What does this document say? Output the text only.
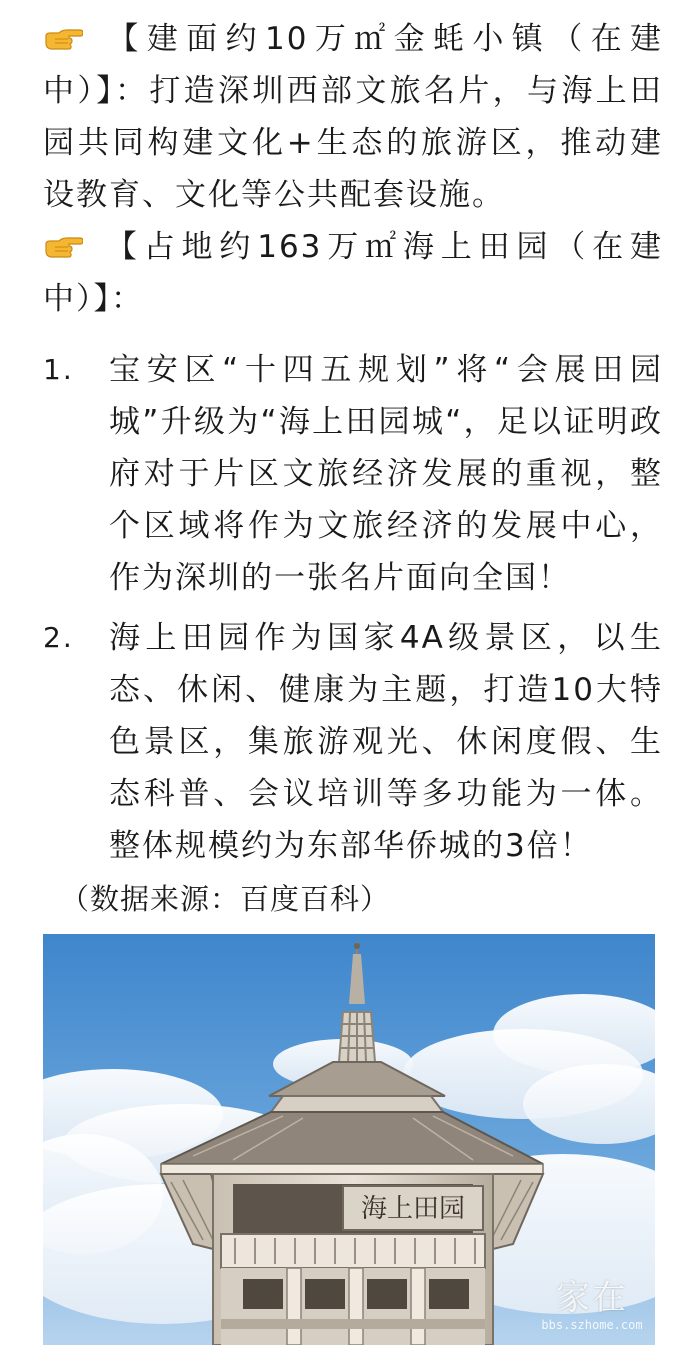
【建面约10万㎡金蚝小镇（在建中）】：打造深圳西部文旅名片，与海上田园共同构建文化+生态的旅游区，推动建设教育、文化等公共配套设施。
【占地约163万㎡海上田园（在建中）】：
1. 宝安区“十四五规划”将“会展田园城”升级为“海上田园城“，足以证明政府对于片区文旅经济发展的重视，整个区域将作为文旅经济的发展中心，作为深圳的一张名片面向全国！
2. 海上田园作为国家4A级景区，以生态、休闲、健康为主题，打造10大特色景区，集旅游观光、休闲度假、生态科普、会议培训等多功能为一体。整体规模约为东部华侨城的3倍！
（数据来源：百度百科）
海上田园
家在
bbs.szhome.com
